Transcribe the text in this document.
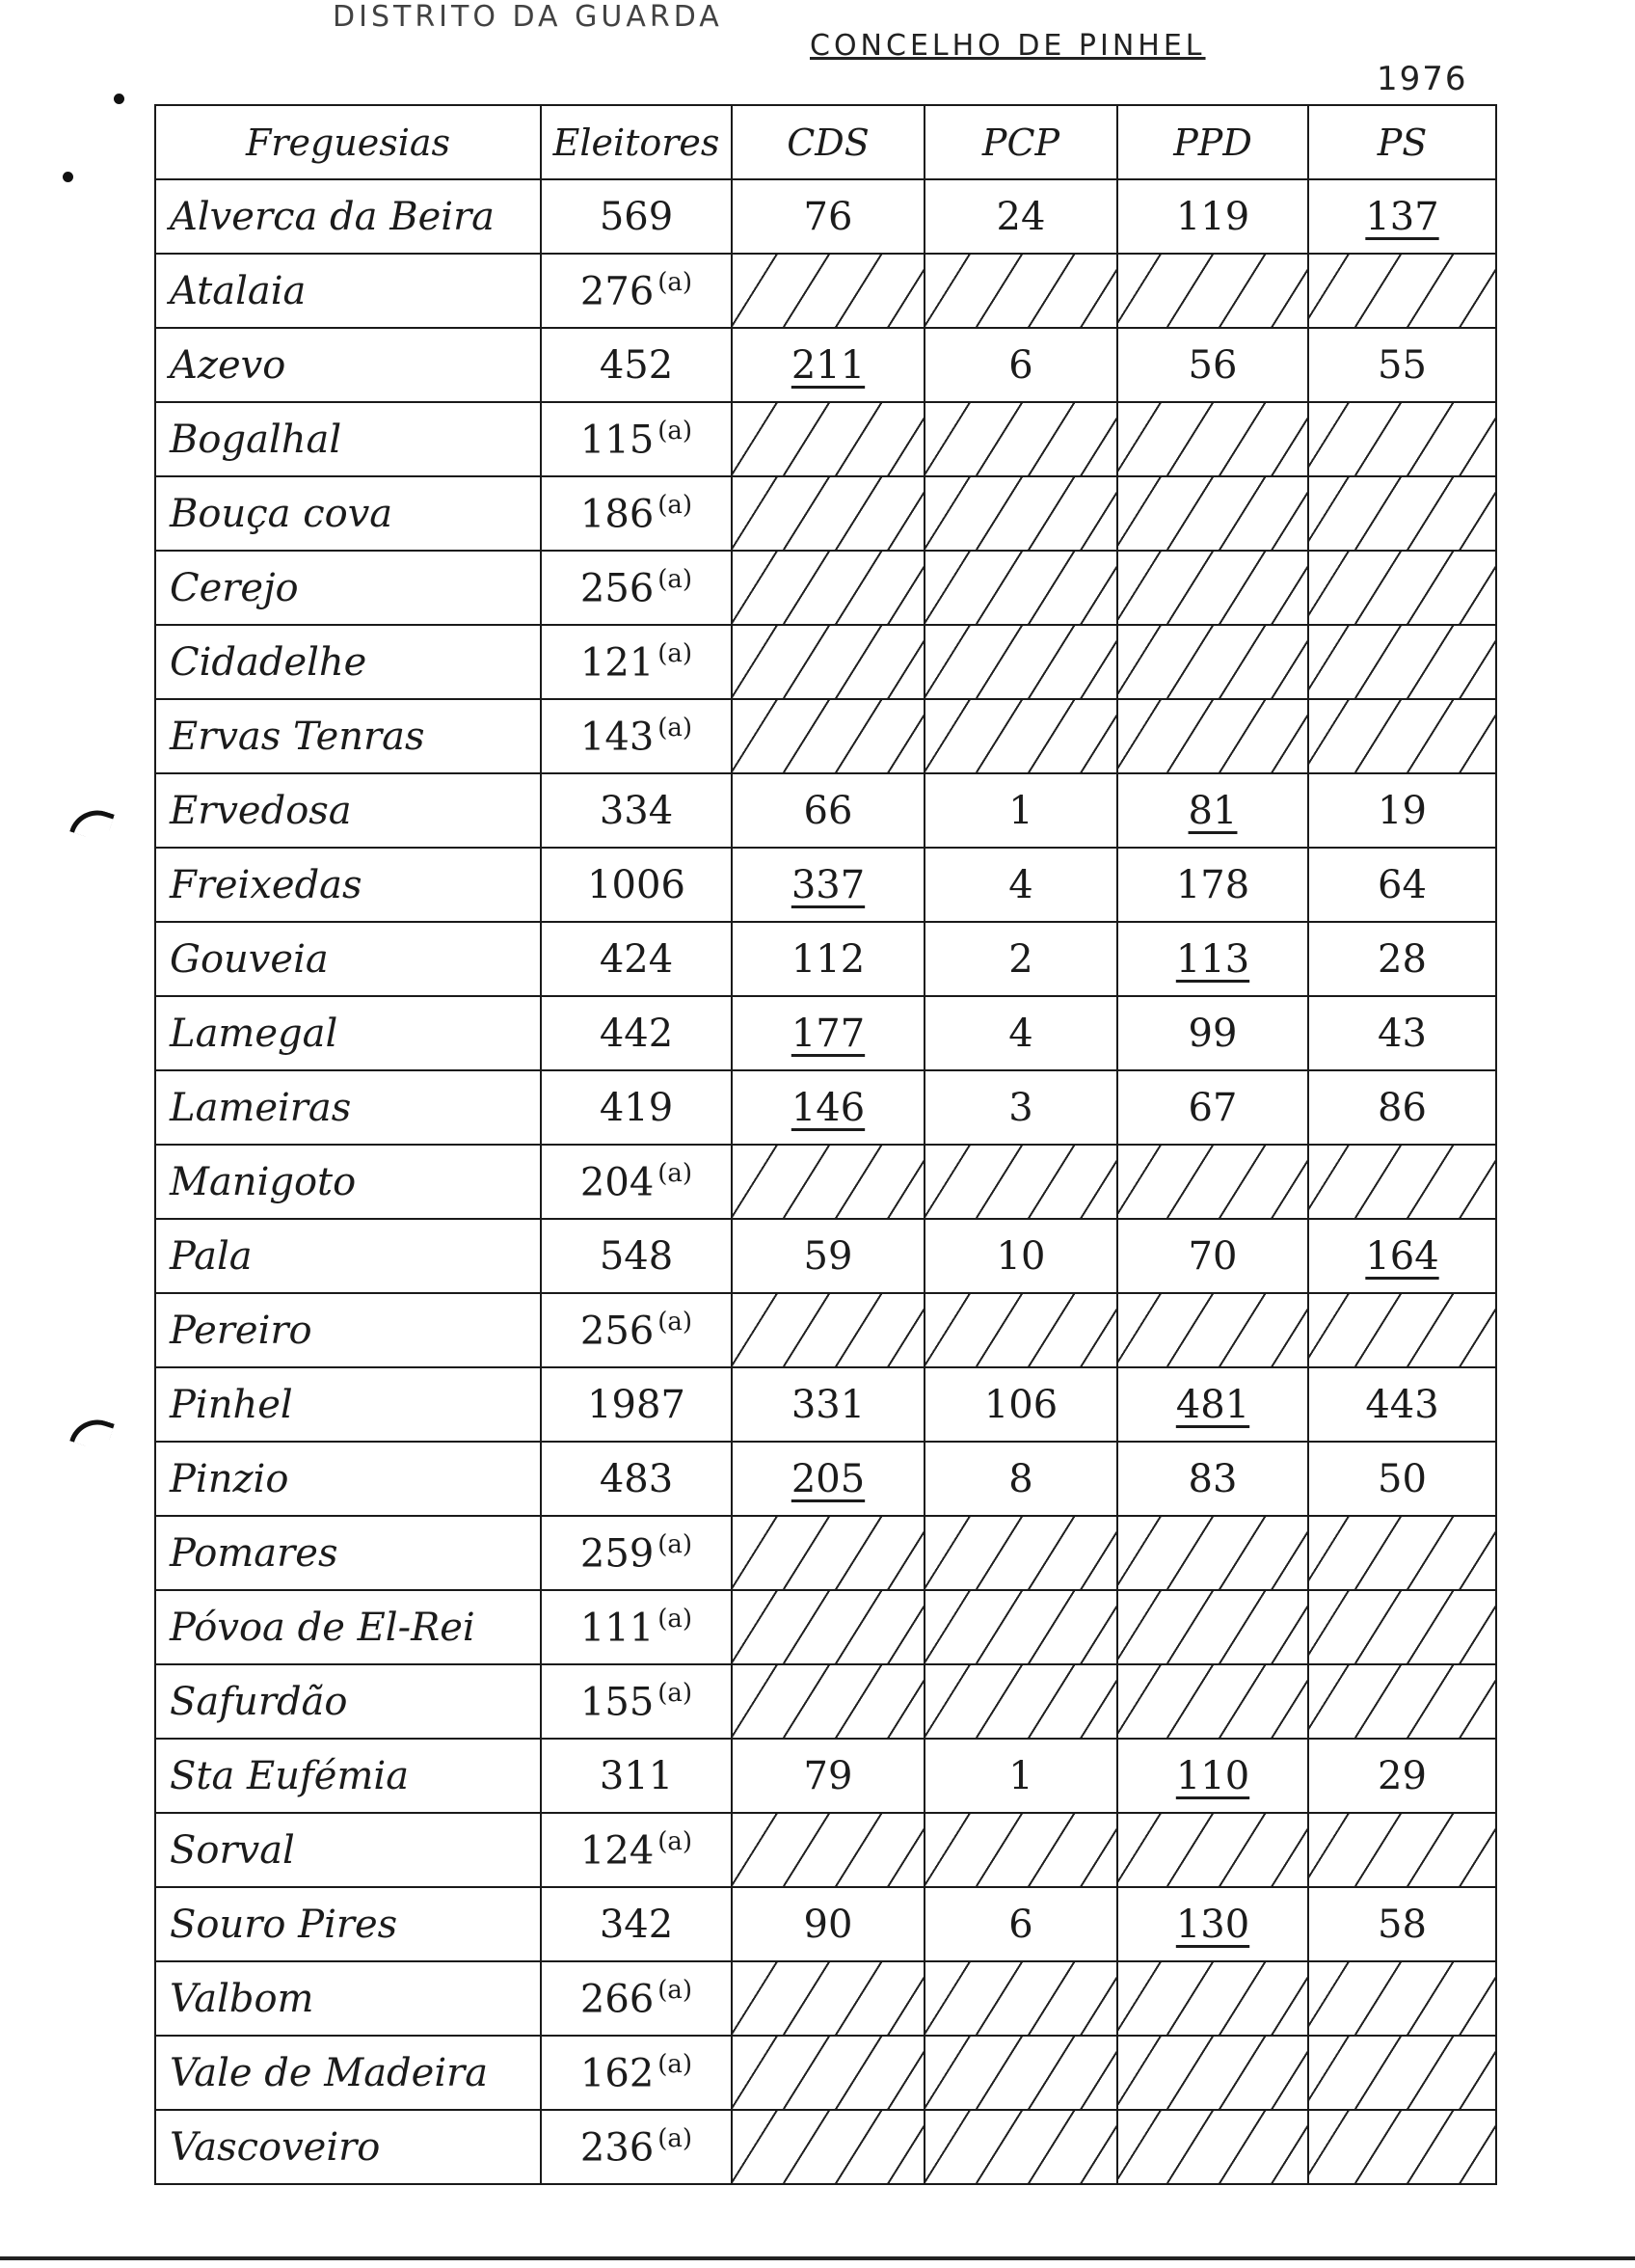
DISTRITO DA GUARDA
CONCELHO DE PINHEL
1976
Freguesias	Eleitores	CDS	PCP	PPD	PS
Alverca da Beira	569	76	24	119	137
Atalaia	276 $^{(a)}$				
Azevo	452	211	6	56	55
Bogalhal	115 $^{(a)}$				
Bouça cova	186 $^{(a)}$				
Cerejo	256 $^{(a)}$				
Cidadelhe	121 $^{(a)}$				
Ervas Tenras	143 $^{(a)}$				
Ervedosa	334	66	1	81	19
Freixedas	1006	337	4	178	64
Gouveia	424	112	2	113	28
Lamegal	442	177	4	99	43
Lameiras	419	146	3	67	86
Manigoto	204 $^{(a)}$				
Pala	548	59	10	70	164
Pereiro	256 $^{(a)}$				
Pinhel	1987	331	106	481	443
Pinzio	483	205	8	83	50
Pomares	259 $^{(a)}$				
Póvoa de El-Rei	111 $^{(a)}$				
Safurdão	155 $^{(a)}$				
Sta Eufémia	311	79	1	110	29
Sorval	124 $^{(a)}$				
Souro Pires	342	90	6	130	58
Valbom	266 $^{(a)}$				
Vale de Madeira	162 $^{(a)}$				
Vascoveiro	236 $^{(a)}$				
